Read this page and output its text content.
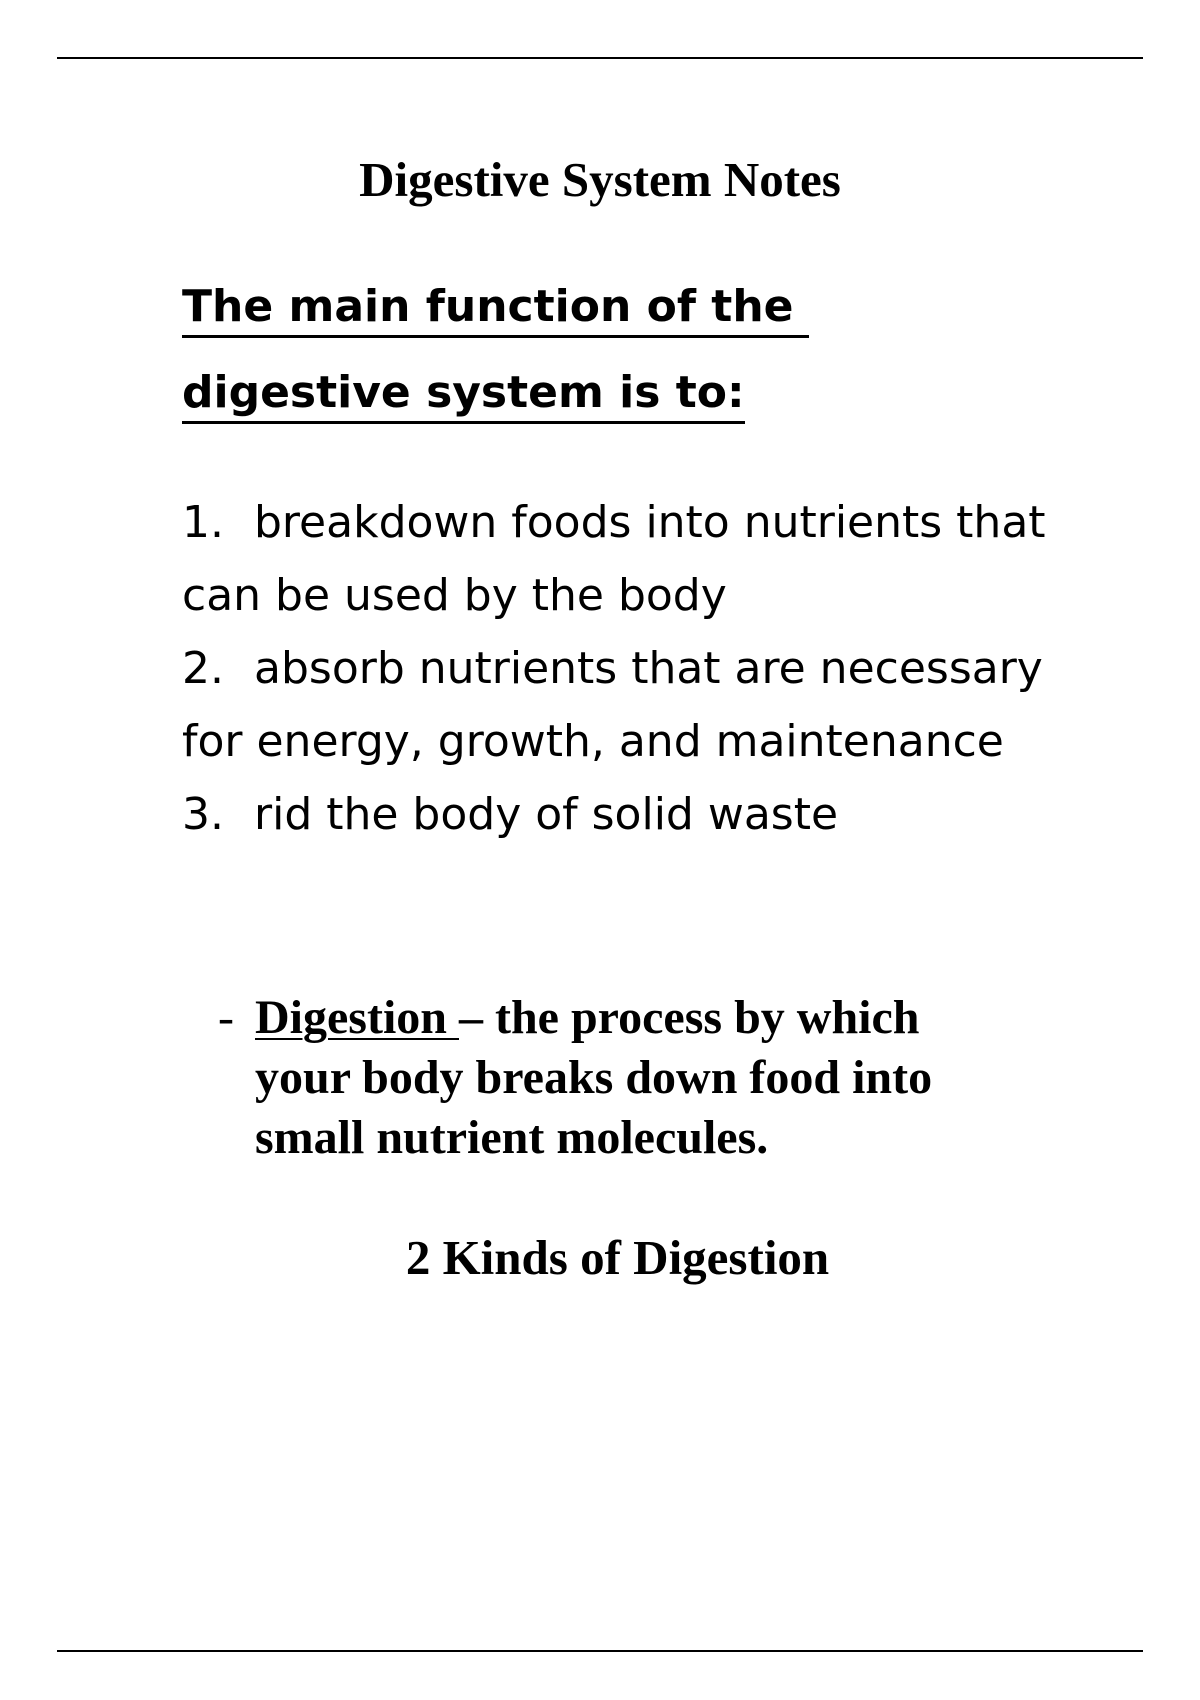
Digestive System Notes
The main function of the
digestive system is to:
1. breakdown foods into nutrients that can be used by the body
2. absorb nutrients that are necessary for energy, growth, and maintenance
3. rid the body of solid waste
- Digestion – the process by which your body breaks down food into small nutrient molecules.
2 Kinds of Digestion
